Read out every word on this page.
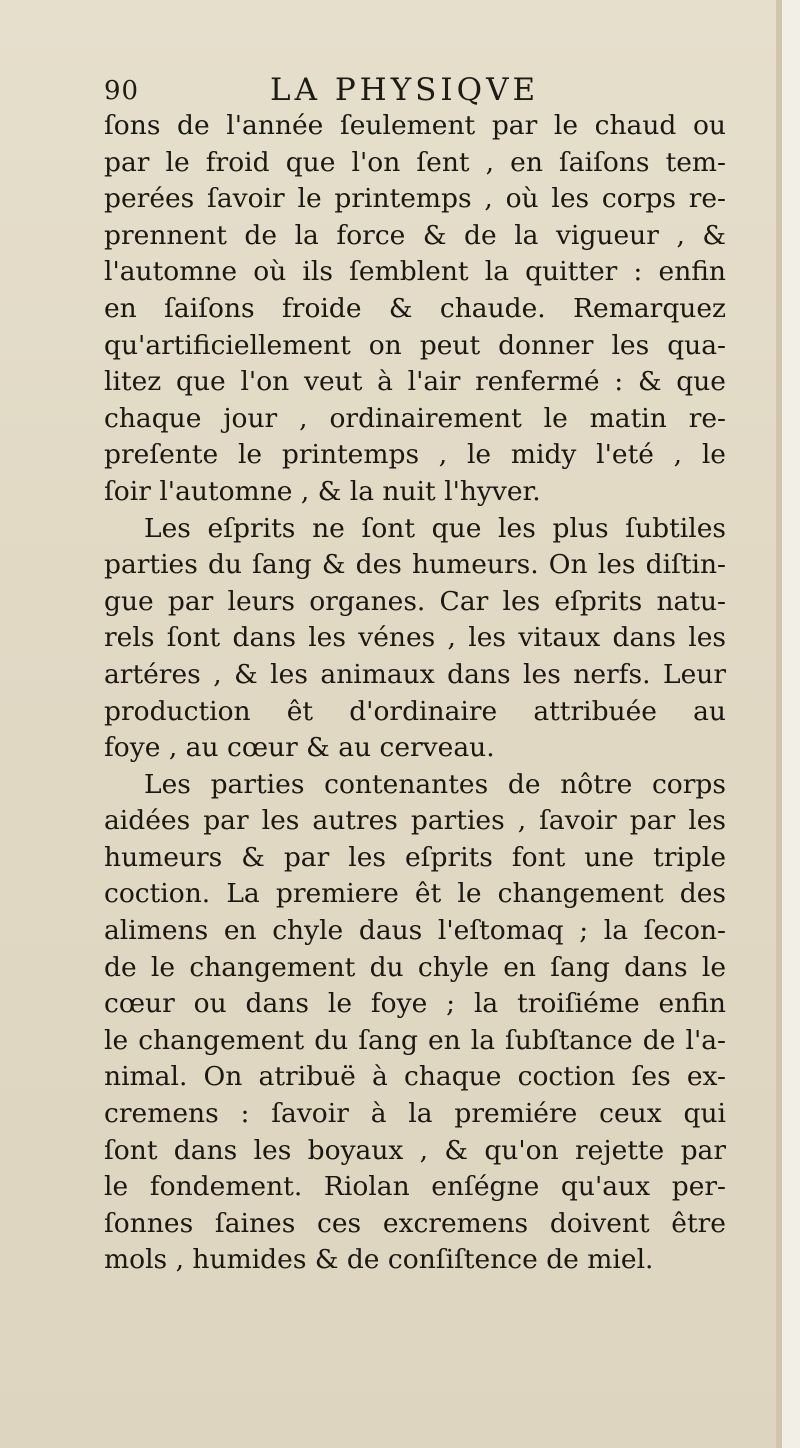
90	LA PHYSIQVE
ſons de l'année ſeulement par le chaud ou
par le froid que l'on ſent , en ſaiſons tem-
perées ſavoir le printemps , où les corps re-
prennent de la force & de la vigueur , &
l'automne où ils ſemblent la quitter : enfin
en ſaiſons froide & chaude. Remarquez
qu'artificiellement on peut donner les qua-
litez que l'on veut à l'air renfermé : & que
chaque jour , ordinairement le matin re-
preſente le printemps , le midy l'eté , le
ſoir l'automne , & la nuit l'hyver.
Les eſprits ne ſont que les plus ſubtiles
parties du ſang & des humeurs. On les diſtin-
gue par leurs organes. Car les eſprits natu-
rels ſont dans les vénes , les vitaux dans les
artéres , & les animaux dans les nerfs. Leur
production êt d'ordinaire attribuée au
foye , au cœur & au cerveau.
Les parties contenantes de nôtre corps
aidées par les autres parties , ſavoir par les
humeurs & par les eſprits font une triple
coction. La premiere êt le changement des
alimens en chyle daus l'eſtomaq ; la ſecon-
de le changement du chyle en ſang dans le
cœur ou dans le foye ; la troiſiéme enfin
le changement du ſang en la ſubſtance de l'a-
nimal. On atribuë à chaque coction ſes ex-
cremens : ſavoir à la premiére ceux qui
ſont dans les boyaux , & qu'on rejette par
le fondement. Riolan enſégne qu'aux per-
ſonnes ſaines ces excremens doivent être
mols , humides & de conſiſtence de miel.
